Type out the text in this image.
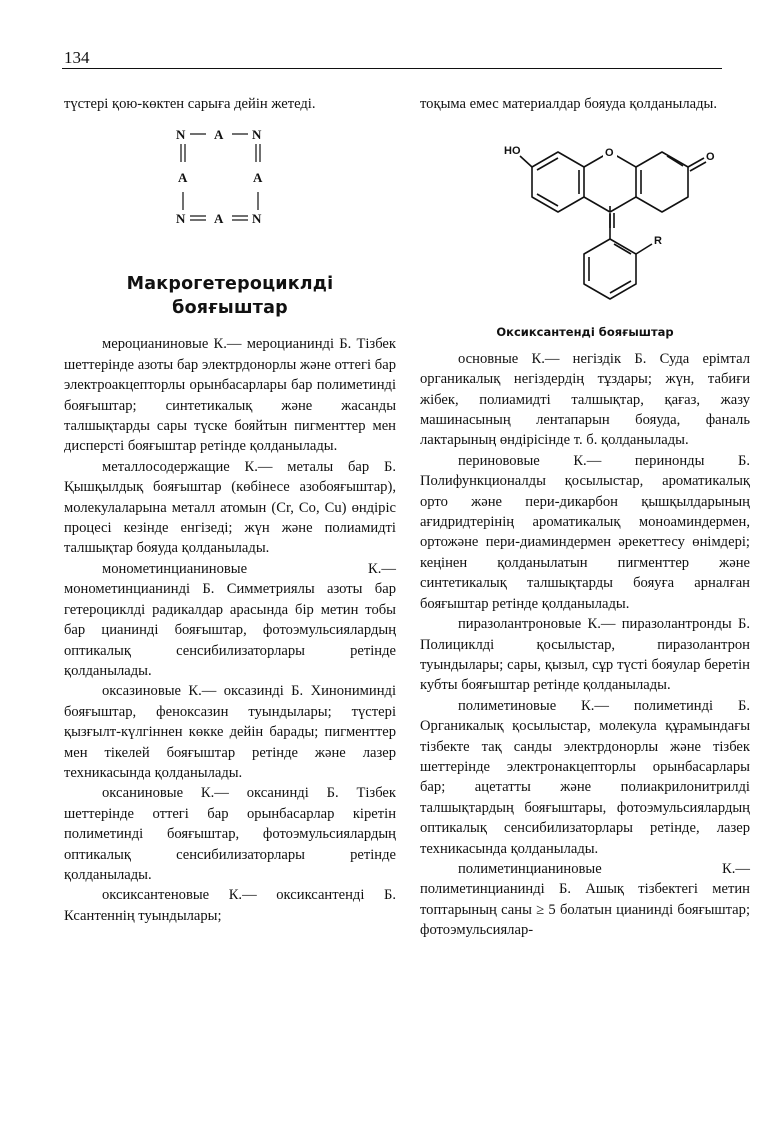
134

түстері қою-көктен сарыға дейін жетеді.

N A N
A	A
N A N
Макрогетероциклді
бояғыштар

мероцианиновые К.— мероцианинді Б. Тізбек шеттерінде азоты бар электрдонорлы және оттегі бар электроакцепторлы орынбасарлары бар полиметинді бояғыштар; синтетикалық және жасанды талшықтарды сары түске бояйтын пигменттер мен дисперсті бояғыштар ретінде қолданылады.

металлосодержащие К.— металы бар Б. Қышқылдық бояғыштар (көбінесе азобояғыштар), молекулаларына металл атомын (Cr, Co, Cu) өндіріс процесі кезінде енгізеді; жүн және полиамидті талшықтар бояуда қолданылады.

монометинцианиновые К.— монометинцианинді Б. Симметриялы азоты бар гетероциклді радикалдар арасында бір метин тобы бар цианинді бояғыштар, фотоэмульсиялардың оптикалық сенсибилизаторлары ретінде қолданылады.

оксазиновые К.— оксазинді Б. Хинониминді бояғыштар, феноксазин туындылары; түстері қызғылт-күлгіннен көкке дейін барады; пигменттер мен тікелей бояғыштар ретінде және лазер техникасында қолданылады.

оксаниновые К.— оксанинді Б. Тізбек шеттерінде оттегі бар орынбасарлар кіретін полиметинді бояғыштар, фотоэмульсиялардың оптикалық сенсибилизаторлары ретінде қолданылады.

оксиксантеновые К.— оксиксантенді Б. Ксантеннің туындылары;

тоқыма емес материалдар бояуда қолданылады.

HO	O	O
R
Оксиксантенді бояғыштар

основные К.— негіздік Б. Суда ерімтал органикалық негіздердің тұздары; жүн, табиғи жібек, полиамидті талшықтар, қағаз, жазу машинасының лентапарын бояуда, фаналь лактарының өндірісінде т. б. қолданылады.

перинововые К.— перинонды Б. Полифункционалды қосылыстар, ароматикалық орто және пери-дикарбон қышқылдарының ағидридтерінің ароматикалық моноаминдермен, ортожәне пери-диаминдермен әрекеттесу өнімдері; кеңінен қолданылатын пигменттер және синтетикалық талшықтарды бояуға арналған бояғыштар ретінде қолданылады.

пиразолантроновые К.— пиразолантронды Б. Полициклді қосылыстар, пиразолантрон туындылары; сары, қызыл, сұр түсті бояулар беретін кубты бояғыштар ретінде қолданылады.

полиметиновые К.— полиметинді Б. Органикалық қосылыстар, молекула құрамындағы тізбекте тақ санды электрдонорлы және тізбек шеттерінде электронакцепторлы орынбасарлары бар; ацетатты және полиакрилонитрилді талшықтардың бояғыштары, фотоэмульсиялардың оптикалық сенсибилизаторлары ретінде, лазер техникасында қолданылады.

полиметинцианиновые К.— полиметинцианинді Б. Ашық тізбектегі метин топтарының саны ≥ 5 болатын цианинді бояғыштар; фотоэмульсиялар-
